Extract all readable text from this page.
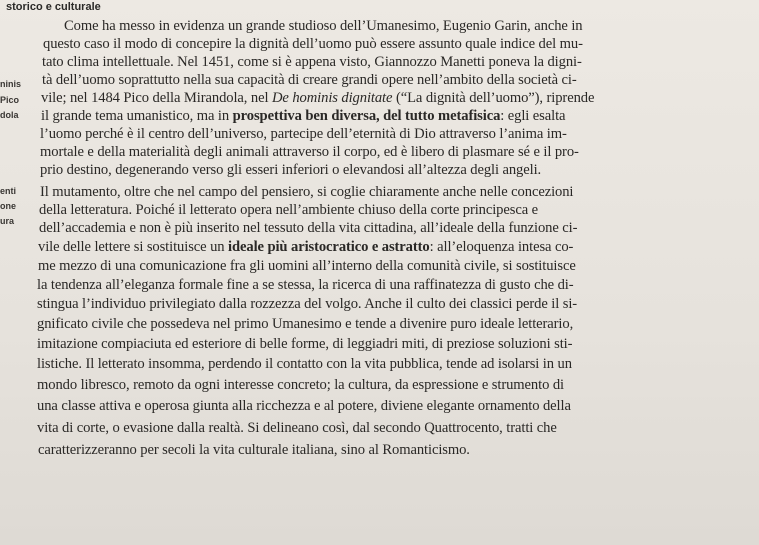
storico e culturale
ninis
Pico
dola
enti
one
ura
Come ha messo in evidenza un grande studioso dell’Umanesimo, Eugenio Garin, anche in
questo caso il modo di concepire la dignità dell’uomo può essere assunto quale indice del mu-
tato clima intellettuale. Nel 1451, come si è appena visto, Giannozzo Manetti poneva la digni-
tà dell’uomo soprattutto nella sua capacità di creare grandi opere nell’ambito della società ci-
vile; nel 1484 Pico della Mirandola, nel De hominis dignitate (“La dignità dell’uomo”), riprende
il grande tema umanistico, ma in prospettiva ben diversa, del tutto metafisica: egli esalta
l’uomo perché è il centro dell’universo, partecipe dell’eternità di Dio attraverso l’anima im-
mortale e della materialità degli animali attraverso il corpo, ed è libero di plasmare sé e il pro-
prio destino, degenerando verso gli esseri inferiori o elevandosi all’altezza degli angeli.
Il mutamento, oltre che nel campo del pensiero, si coglie chiaramente anche nelle concezioni
della letteratura. Poiché il letterato opera nell’ambiente chiuso della corte principesca e
dell’accademia e non è più inserito nel tessuto della vita cittadina, all’ideale della funzione ci-
vile delle lettere si sostituisce un ideale più aristocratico e astratto: all’eloquenza intesa co-
me mezzo di una comunicazione fra gli uomini all’interno della comunità civile, si sostituisce
la tendenza all’eleganza formale fine a se stessa, la ricerca di una raffinatezza di gusto che di-
stingua l’individuo privilegiato dalla rozzezza del volgo. Anche il culto dei classici perde il si-
gnificato civile che possedeva nel primo Umanesimo e tende a divenire puro ideale letterario,
imitazione compiaciuta ed esteriore di belle forme, di leggiadri miti, di preziose soluzioni sti-
listiche. Il letterato insomma, perdendo il contatto con la vita pubblica, tende ad isolarsi in un
mondo libresco, remoto da ogni interesse concreto; la cultura, da espressione e strumento di
una classe attiva e operosa giunta alla ricchezza e al potere, diviene elegante ornamento della
vita di corte, o evasione dalla realtà. Si delineano così, dal secondo Quattrocento, tratti che
caratterizzeranno per secoli la vita culturale italiana, sino al Romanticismo.
